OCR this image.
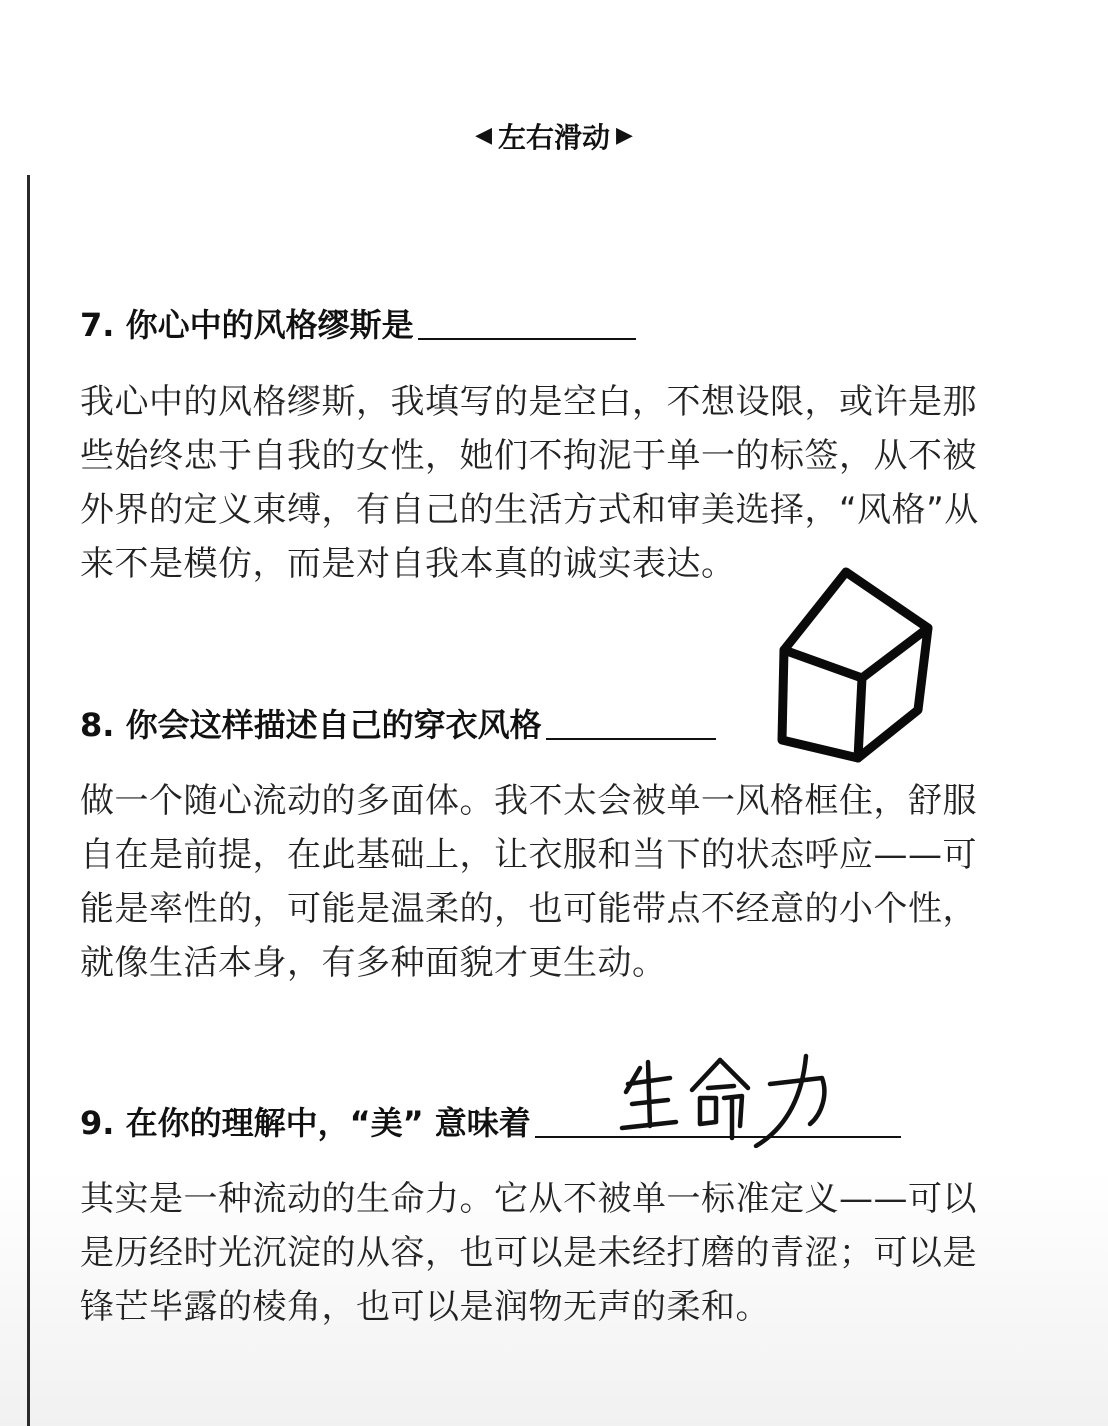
◀ 左右滑动 ▶
7. 你心中的风格缪斯是
我心中的风格缪斯，我填写的是空白，不想设限，或许是那些始终忠于自我的女性，她们不拘泥于单一的标签，从不被外界的定义束缚，有自己的生活方式和审美选择，“风格”从来不是模仿，而是对自我本真的诚实表达。
8. 你会这样描述自己的穿衣风格
做一个随心流动的多面体。我不太会被单一风格框住，舒服自在是前提，在此基础上，让衣服和当下的状态呼应——可能是率性的，可能是温柔的，也可能带点不经意的小个性，就像生活本身，有多种面貌才更生动。
9. 在你的理解中，“美” 意味着
其实是一种流动的生命力。它从不被单一标准定义——可以是历经时光沉淀的从容，也可以是未经打磨的青涩；可以是锋芒毕露的棱角，也可以是润物无声的柔和。
